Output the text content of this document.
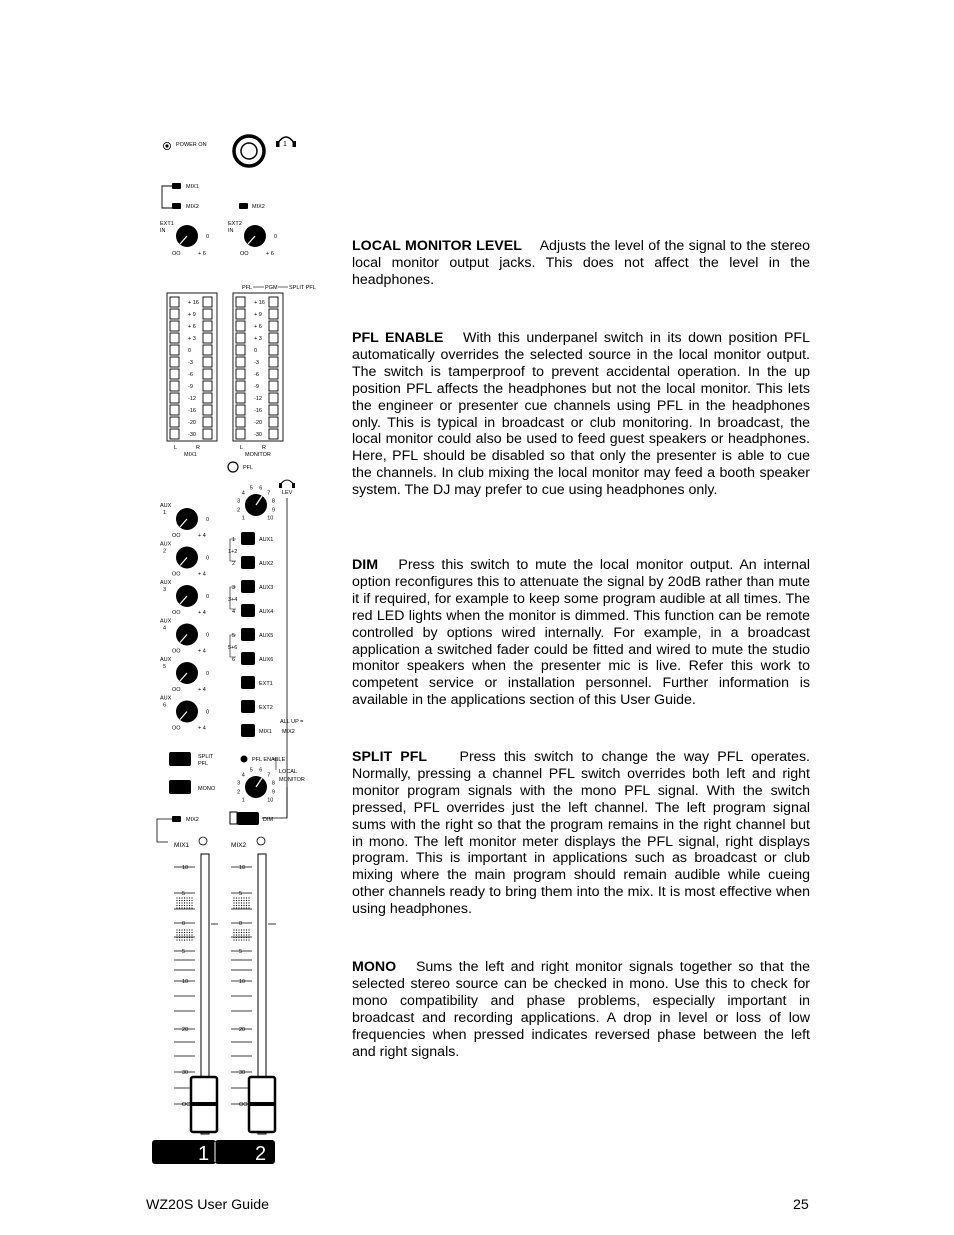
POWER ON	1
MIX1
MIX2	MIX2
EXT1
IN
0
OO	+ 6
EXT2
IN
0
OO	+ 6
PFL PGM SPLIT PFL
+ 16
+ 9
+ 6
+ 3
0
-3
-6
-9
-12
-16
-20
-30
+ 16
+ 9
+ 6
+ 3
0
-3
-6
-9
-12
-16
-20
-30
L	R
MIX1
L	R
MONITOR
PFL
1
2
3
4
5 6
7
8
9
10
LEV
AUX
1
0
OO	+ 4
AUX
2
0
OO	+ 4
AUX
3
0
OO	+ 4
AUX
4
0
OO	+ 4
AUX
5
0
OO	+ 4
AUX
6
0
OO	+ 4
AUX1
AUX2
AUX3
AUX4
AUX5
AUX6
EXT1
EXT2
MIX1
1
2
3
4
5
6
1+2
3+4
5+6
ALL UP =
MIX2
SPLIT
PFL
MONO
PFL ENABLE
1
2
3
4
5 6
7
8
9
10
LOCAL
MONITOR
DIM
MIX2
MIX1	MIX2
10
5
0
5
10
20
30
OO
10
5
0
5
10
20
30
OO
1 2

LOCAL MONITOR LEVEL Adjusts the level of the signal to the stereo local monitor output jacks. This does not affect the level in the headphones.

PFL ENABLE With this underpanel switch in its down position PFL automatically overrides the selected source in the local monitor output. The switch is tamperproof to prevent accidental operation. In the up position PFL affects the headphones but not the local monitor. This lets the engineer or presenter cue channels using PFL in the headphones only. This is typical in broadcast or club monitoring. In broadcast, the local monitor could also be used to feed guest speakers or headphones. Here, PFL should be disabled so that only the presenter is able to cue the channels. In club mixing the local monitor may feed a booth speaker system. The DJ may prefer to cue using headphones only.

DIM Press this switch to mute the local monitor output. An internal option reconfigures this to attenuate the signal by 20dB rather than mute it if required, for example to keep some program audible at all times. The red LED lights when the monitor is dimmed. This function can be remote controlled by options wired internally. For example, in a broadcast application a switched fader could be fitted and wired to mute the studio monitor speakers when the presenter mic is live. Refer this work to competent service or installation personnel. Further information is available in the applications section of this User Guide.

SPLIT PFL Press this switch to change the way PFL operates. Normally, pressing a channel PFL switch overrides both left and right monitor program signals with the mono PFL signal. With the switch pressed, PFL overrides just the left channel. The left program signal sums with the right so that the program remains in the right channel but in mono. The left monitor meter displays the PFL signal, right displays program. This is important in applications such as broadcast or club mixing where the main program should remain audible while cueing other channels ready to bring them into the mix. It is most effective when using headphones.

MONO Sums the left and right monitor signals together so that the selected stereo source can be checked in mono. Use this to check for mono compatibility and phase problems, especially important in broadcast and recording applications. A drop in level or loss of low frequencies when pressed indicates reversed phase between the left and right signals.

WZ20S User Guide	25
